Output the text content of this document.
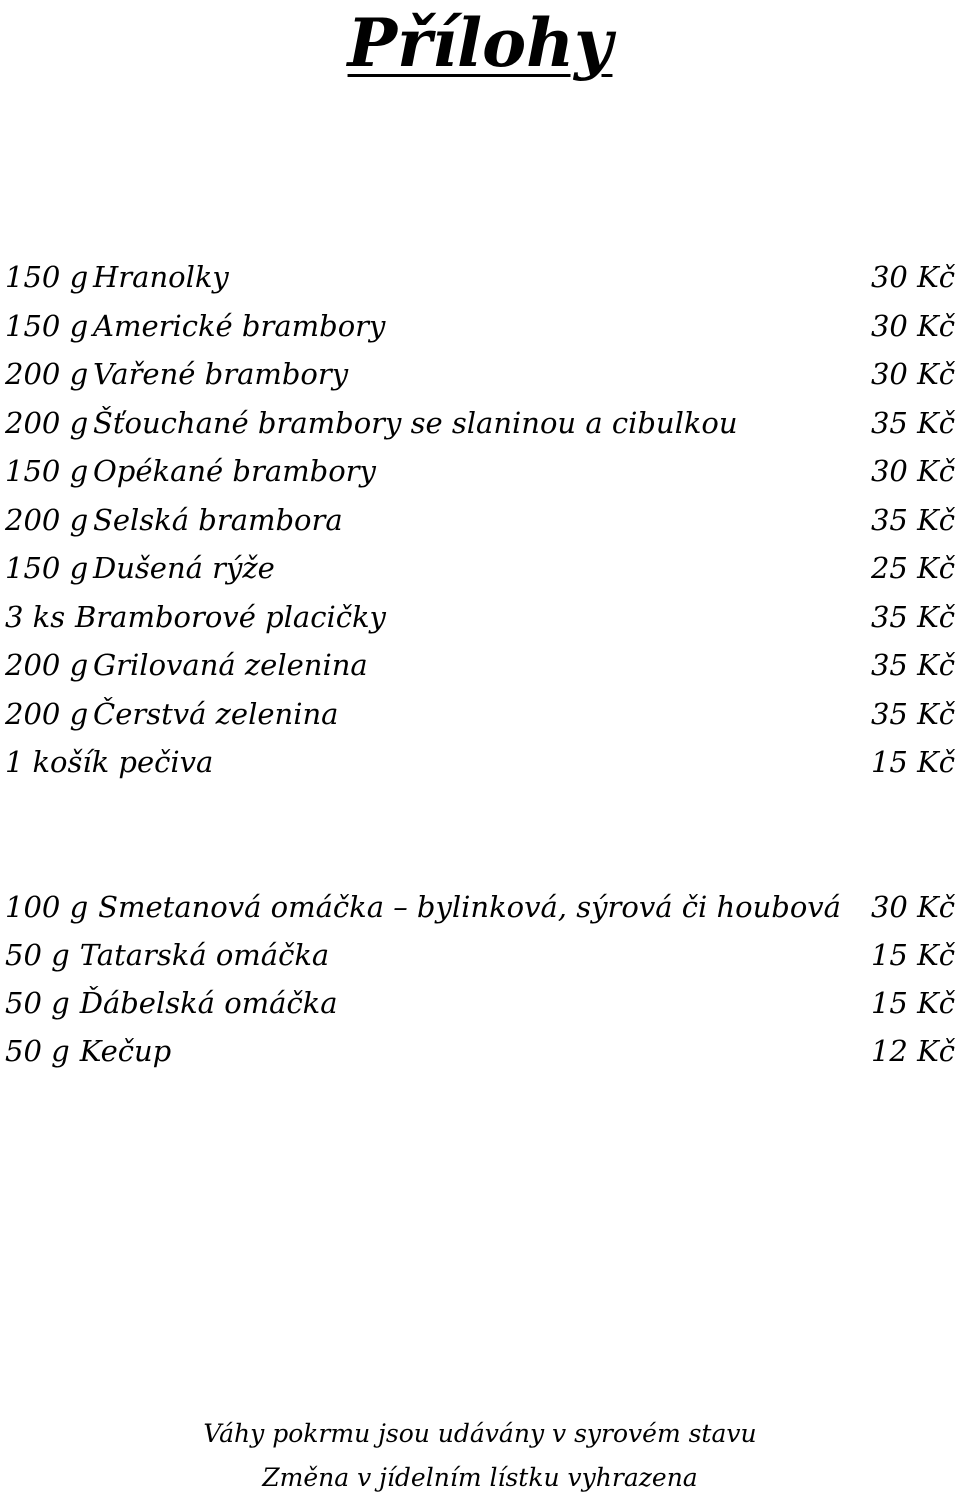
Přílohy
150 g Hranolky	30 Kč
150 g Americké brambory	30 Kč
200 g Vařené brambory	30 Kč
200 g Šťouchané brambory se slaninou a cibulkou	35 Kč
150 g Opékané brambory	30 Kč
200 g Selská brambora	35 Kč
150 g Dušená rýže	25 Kč
3 ks Bramborové placičky	35 Kč
200 g Grilovaná zelenina	35 Kč
200 g Čerstvá zelenina	35 Kč
1 košík pečiva	15 Kč
100 g Smetanová omáčka – bylinková, sýrová či houbová 30 Kč
50 g Tatarská omáčka	15 Kč
50 g Ďábelská omáčka	15 Kč
50 g Kečup	12 Kč
Váhy pokrmu jsou udávány v syrovém stavu
Změna v jídelním lístku vyhrazena
